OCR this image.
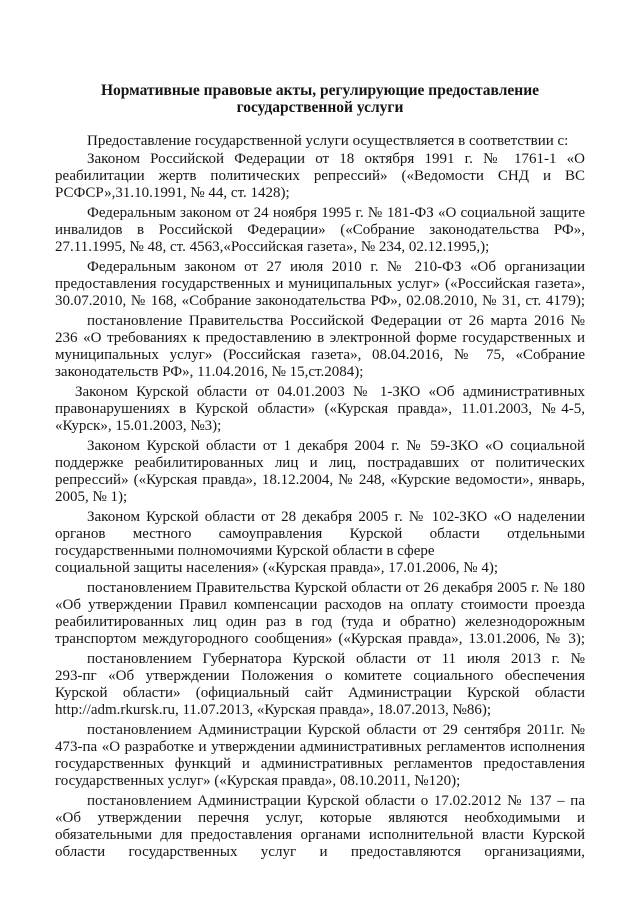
Нормативные правовые акты, регулирующие предоставление
государственной услуги
Предоставление государственной услуги осуществляется в соответствии с:
Законом Российской Федерации от 18 октября 1991 г. № 1761-1 «О
реабилитации жертв политических репрессий» («Ведомости СНД и ВС
РСФСР»,31.10.1991, № 44, ст. 1428);
Федеральным законом от 24 ноября 1995 г. № 181-ФЗ «О социальной защите
инвалидов в Российской Федерации» («Собрание законодательства РФ»,
27.11.1995, № 48, ст. 4563,«Российская газета», № 234, 02.12.1995,);
Федеральным законом от 27 июля 2010 г. № 210-ФЗ «Об организации
предоставления государственных и муниципальных услуг» («Российская газета»,
30.07.2010, № 168, «Собрание законодательства РФ», 02.08.2010, № 31, ст. 4179);
постановление Правительства Российской Федерации от 26 марта 2016 №
236 «О требованиях к предоставлению в электронной форме государственных и
муниципальных услуг» (Российская газета», 08.04.2016, № 75, «Собрание
законодательств РФ», 11.04.2016, № 15,ст.2084);
Законом Курской области от 04.01.2003 № 1-ЗКО «Об административных
правонарушениях в Курской области» («Курская правда», 11.01.2003, №4-5,
«Курск», 15.01.2003, №3);
Законом Курской области от 1 декабря 2004 г. № 59-ЗКО «О социальной
поддержке реабилитированных лиц и лиц, пострадавших от политических
репрессий» («Курская правда», 18.12.2004, № 248, «Курские ведомости», январь,
2005, № 1);
Законом Курской области от 28 декабря 2005 г. № 102-ЗКО «О наделении
органов местного самоуправления Курской области отдельными
государственными полномочиями Курской области в сфере
социальной защиты населения» («Курская правда», 17.01.2006, № 4);
постановлением Правительства Курской области от 26 декабря 2005 г. № 180
«Об утверждении Правил компенсации расходов на оплату стоимости проезда
реабилитированных лиц один раз в год (туда и обратно) железнодорожным
транспортом междугородного сообщения» («Курская правда», 13.01.2006, № 3);
постановлением Губернатора Курской области от 11 июля 2013 г. №
293-пг «Об утверждении Положения о комитете социального обеспечения
Курской области» (официальный сайт Администрации Курской области
http://adm.rkursk.ru, 11.07.2013, «Курская правда», 18.07.2013, №86);
постановлением Администрации Курской области от 29 сентября 2011г. №
473-па «О разработке и утверждении административных регламентов исполнения
государственных функций и административных регламентов предоставления
государственных услуг» («Курская правда», 08.10.2011, №120);
постановлением Администрации Курской области о 17.02.2012 № 137 – па
«Об утверждении перечня услуг, которые являются необходимыми и
обязательными для предоставления органами исполнительной власти Курской
области государственных услуг и предоставляются организациями,
